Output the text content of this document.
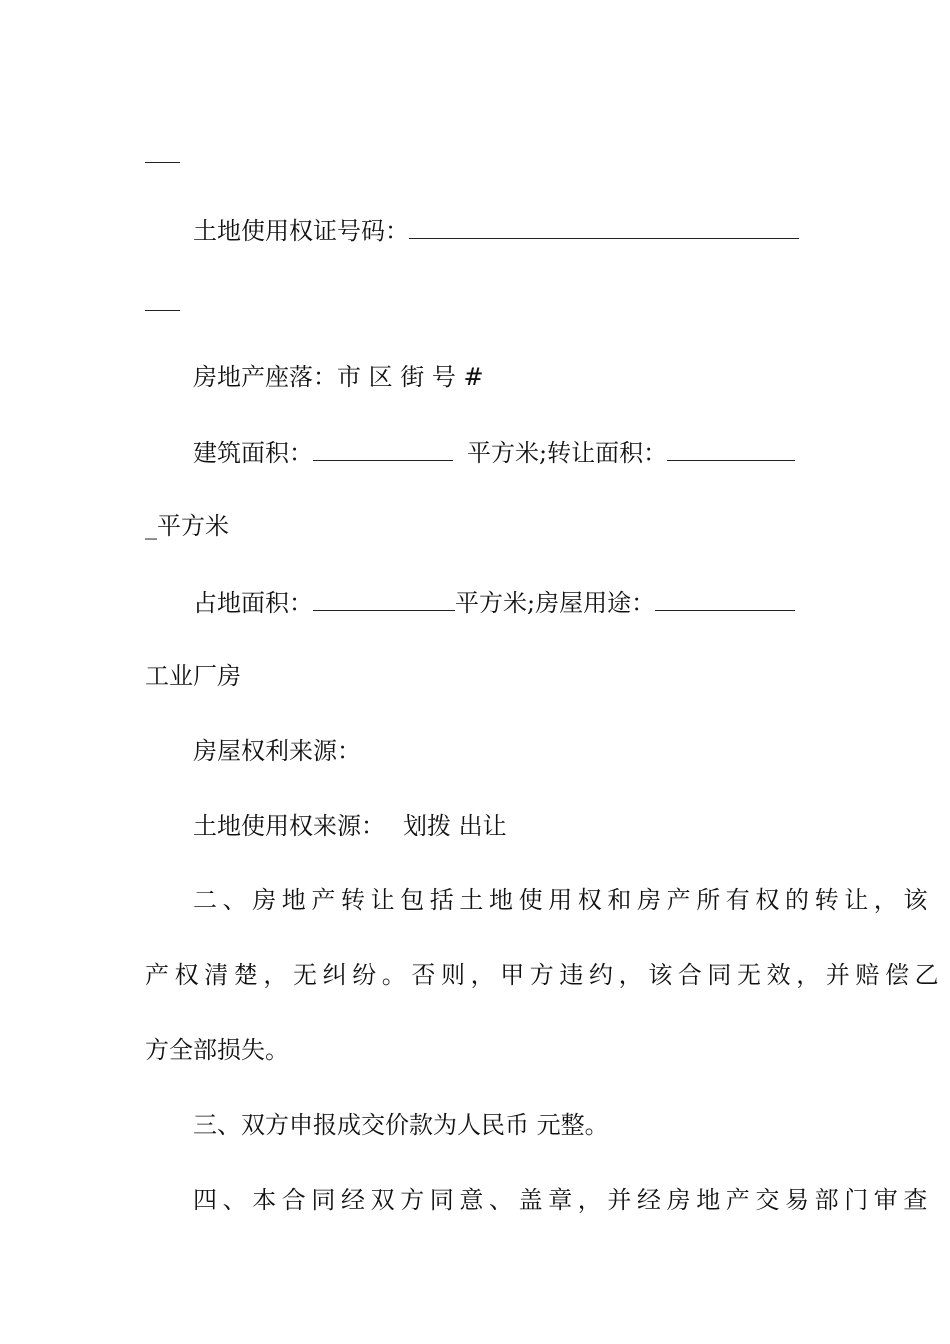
土地使用权证号码：
房地产座落：市 区 街 号 #
建筑面积：	平方米;转让面积：
_平方米
占地面积：	平方米;房屋用途：
工业厂房
房屋权利来源：
土地使用权来源： 划拨 出让
二、房地产转让包括土地使用权和房产所有权的转让，该
产权清楚，无纠纷。否则，甲方违约，该合同无效，并赔偿乙
方全部损失。
三、双方申报成交价款为人民币 元整。
四、本合同经双方同意、盖章，并经房地产交易部门审查
